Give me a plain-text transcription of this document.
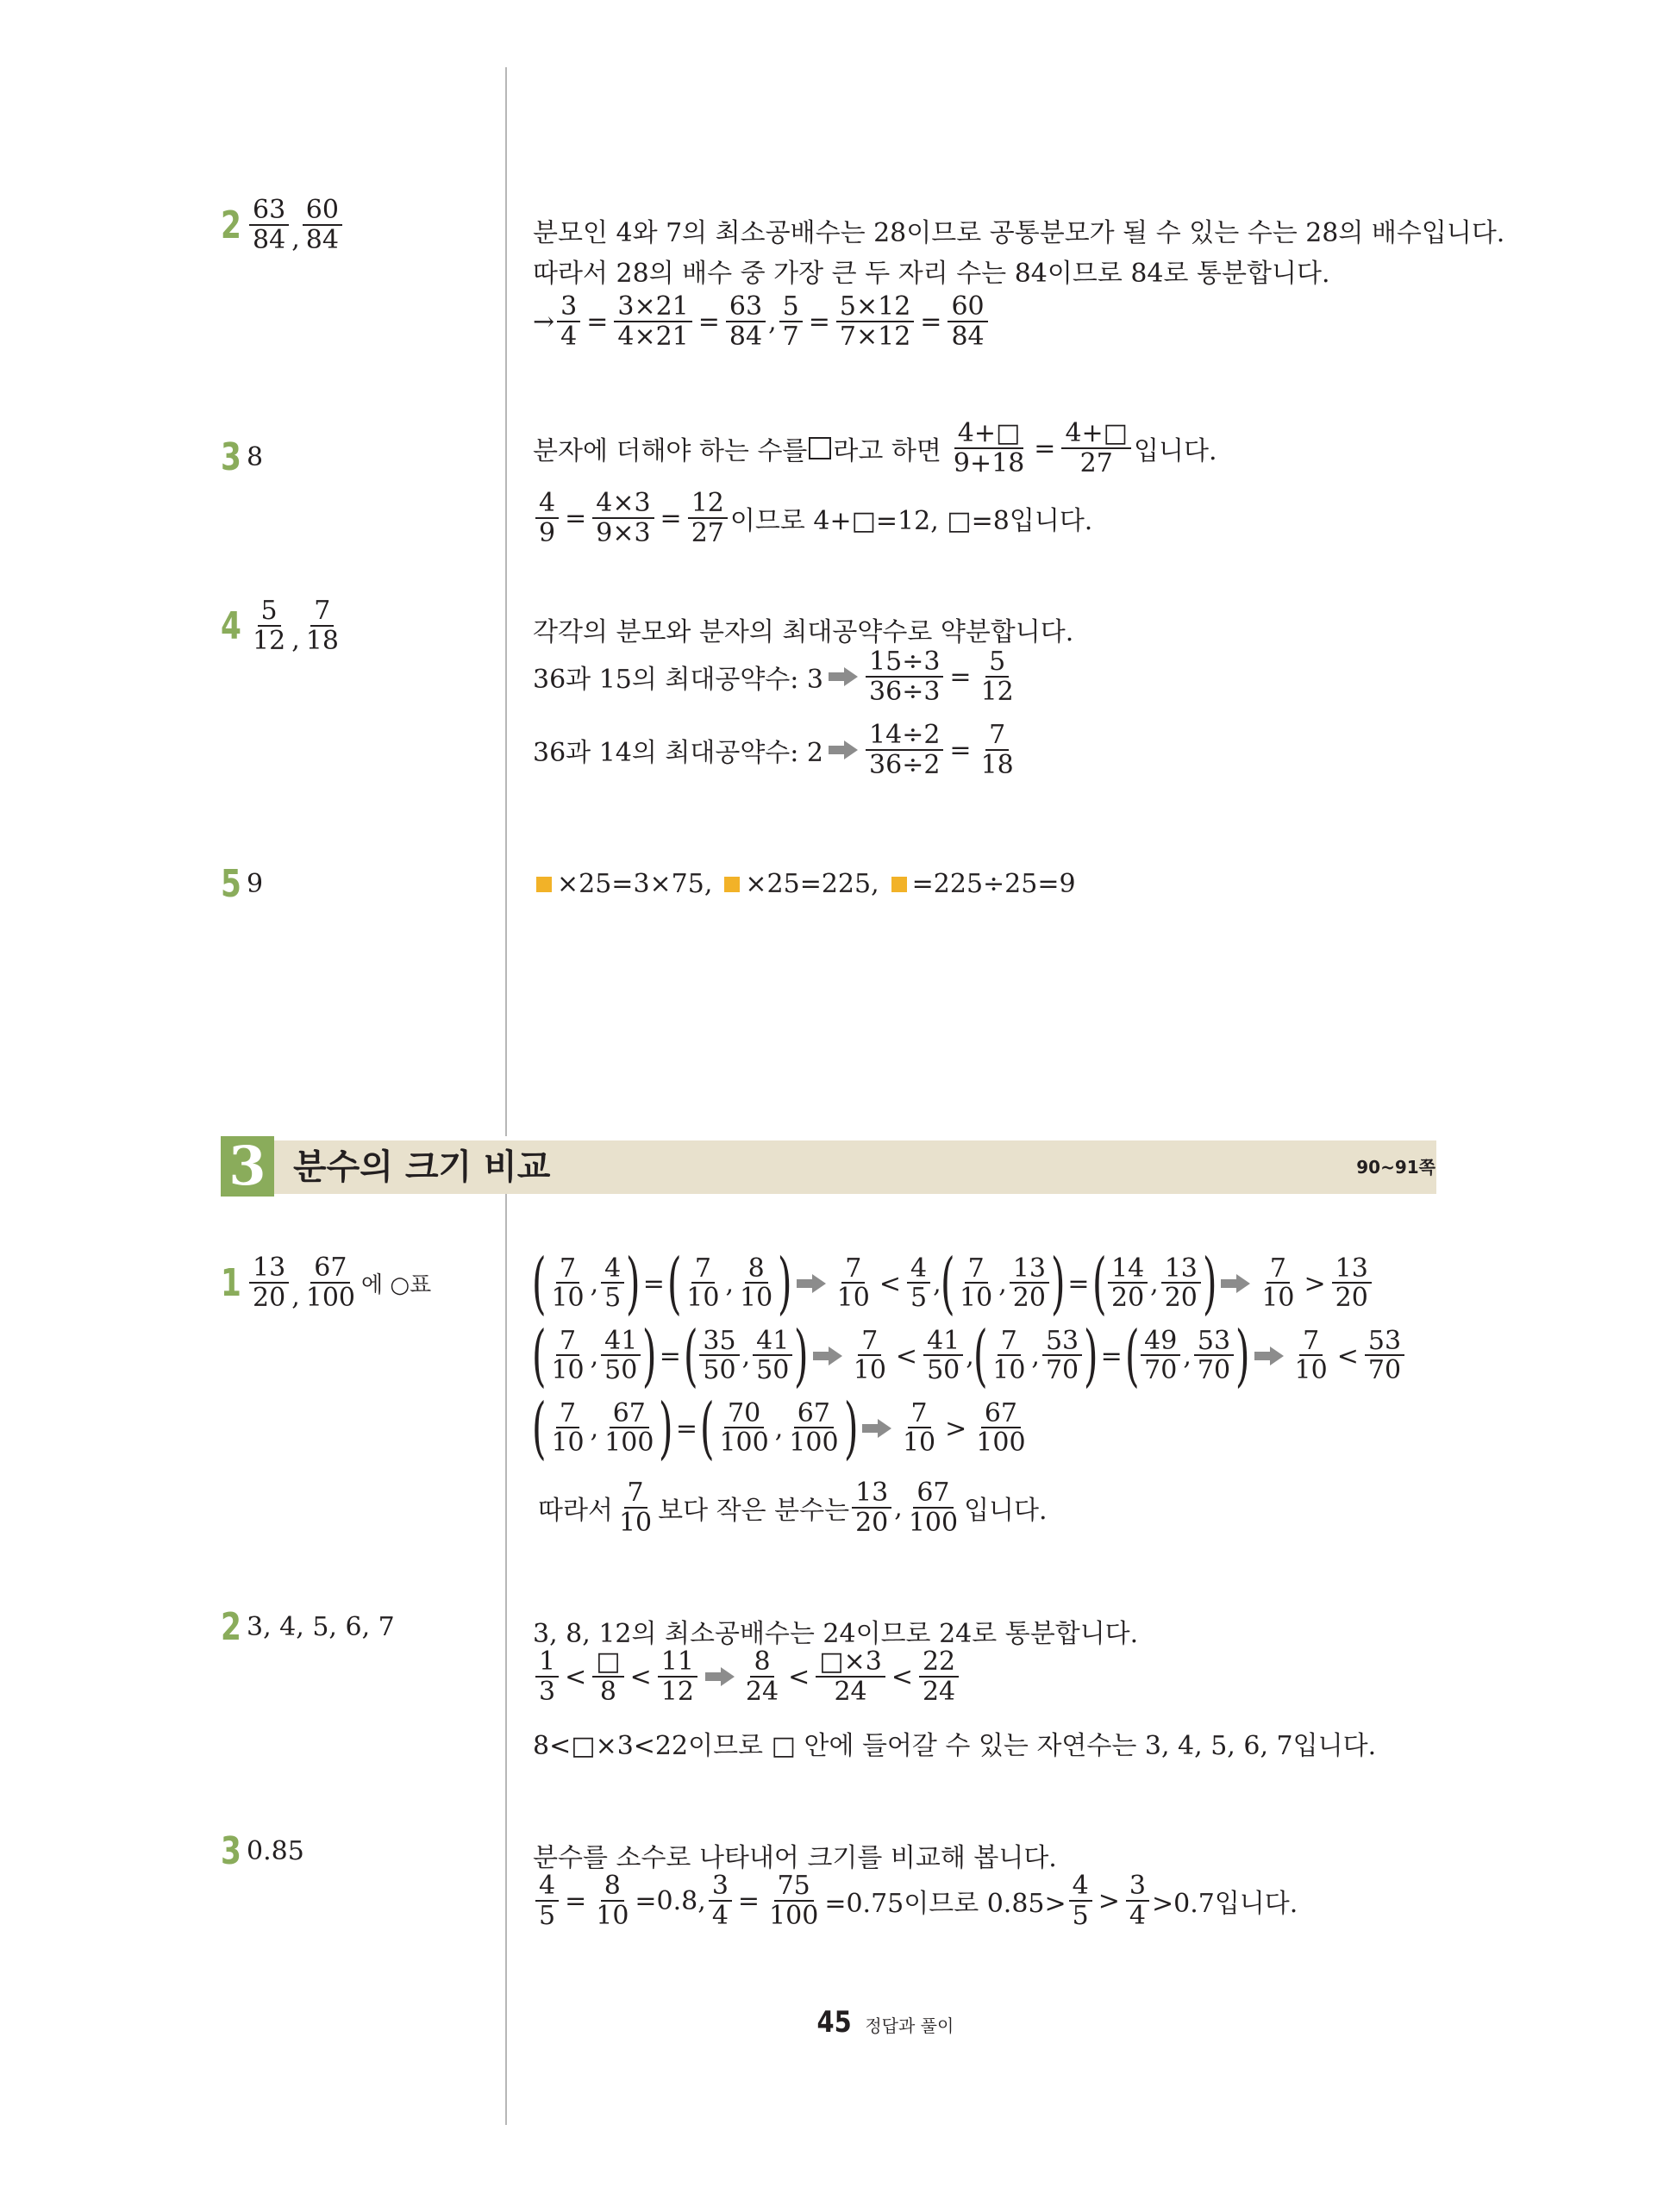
$2 \frac{63}{84}$ , $\frac{60}{84}$	분모인 4와 7의 최소공배수는 28이므로 공통분모가 될 수 있는 수는 28의 배수입니다.
따라서 28의 배수 중 가장 큰 두 자리 수는 84이므로 84로 통분합니다.
→ $\frac{3}{4} = \frac{3\times 21}{4\times 21} = \frac{63}{84}$ , $\frac{5}{7} = \frac{5\times 12}{7\times 12} = \frac{60}{84}$
3 8	분자에 더해야 하는 수를 라고 하면 $\frac{4+□}{9+18} = \frac{4+□}{27}$ 입니다.
$\frac{4}{9} = \frac{4\times 3}{9\times 3} = \frac{12}{27}$ 이므로 4+□=12, □=8입니다.
$4 \frac{5}{12}$ , $\frac{7}{18}$	각각의 분모와 분자의 최대공약수로 약분합니다.
36과 15의 최대공약수: $3 \frac{15\div 3}{36\div 3} = \frac{5}{12}$
36과 14의 최대공약수: $2 \frac{14\div 2}{36\div 2} = \frac{7}{18}$
5 9	×25=3×75, ×25=225, =225÷25=9
3 분수의 크기 비교	90~91쪽
$1 \frac{13}{20}$ , $\frac{67}{100}$ 에 ○표 ( $\frac{7}{10}$ , $\frac{4}{5}$ ) = ( $\frac{7}{10}$ , $\frac{8}{10}$ ) $\frac{7}{10} < \frac{4}{5}$ ,
( $\frac{7}{10}$ , $\frac{13}{20}$ ) = ( $\frac{14}{20}$ , $\frac{13}{20}$ ) $\frac{7}{10} > \frac{13}{20}$
( $\frac{7}{10}$ , $\frac{41}{50}$ ) = ( $\frac{35}{50}$ , $\frac{41}{50}$ ) $\frac{7}{10} < \frac{41}{50}$ ,
( $\frac{7}{10}$ , $\frac{53}{70}$ ) = ( $\frac{49}{70}$ , $\frac{53}{70}$ ) $\frac{7}{10} < \frac{53}{70}$
( $\frac{7}{10}$ , $\frac{67}{100}$ ) = ( $\frac{70}{100}$ , $\frac{67}{100}$ ) $\frac{7}{10} > \frac{67}{100}$
따라서 $\frac{7}{10}$ 보다 작은 분수는 $\frac{13}{20}$ , $\frac{67}{100}$ 입니다.
2 3, 4, 5, 6, 7	3, 8, 12의 최소공배수는 24이므로 24로 통분합니다.
$\frac{1}{3} < \frac{□}{8} < \frac{11}{12} \frac{8}{24} < \frac{□\times 3}{24} < \frac{22}{24}$
8<□×3<22이므로 □ 안에 들어갈 수 있는 자연수는 3, 4, 5, 6, 7입니다.
3 0.85	분수를 소수로 나타내어 크기를 비교해 봅니다.
$\frac{4}{5} = \frac{8}{10} =0.8$, $\frac{3}{4} = \frac{75}{100} =0.75$이므로 $0.85> \frac{4}{5} > \frac{3}{4} >0.7$입니다.
45 정답과 풀이
